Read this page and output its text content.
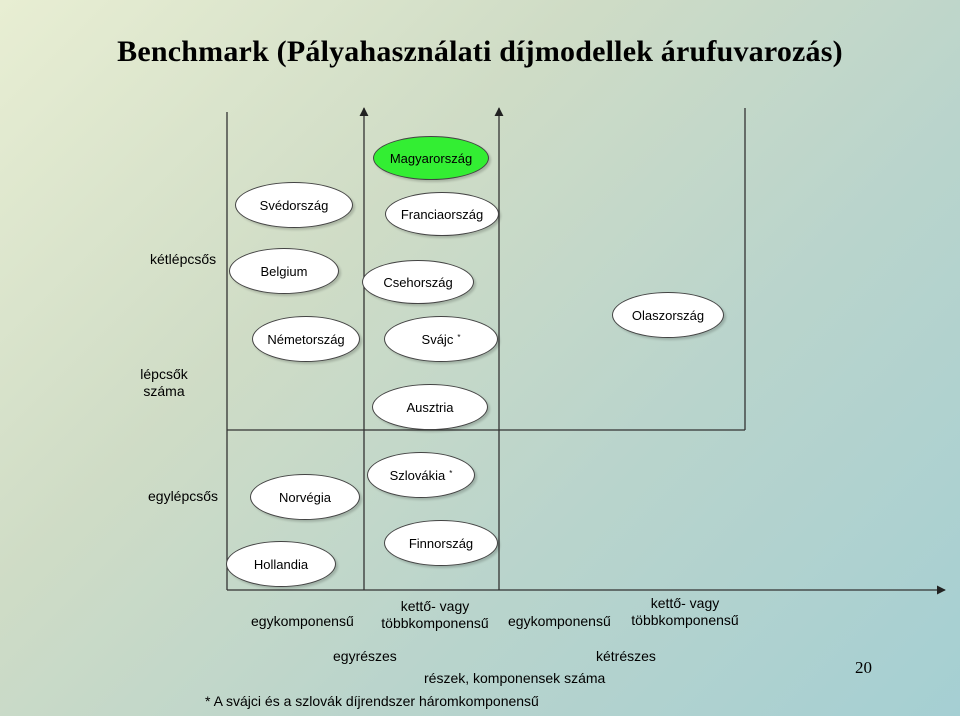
Benchmark (Pályahasználati díjmodellek árufuvarozás)
Magyarország
Svédország
Franciaország
Belgium
Csehország
Olaszország
Németország	Svájc *
Ausztria
Norvégia
Szlovákia *
Finnország
Hollandia
kétlépcsős
lépcsők száma
egylépcsős
egykomponensű
kettő- vagy többkomponensű	egykomponensű
kettő- vagy többkomponensű
egyrészes	kétrészes
részek, komponensek száma
20
* A svájci és a szlovák díjrendszer háromkomponensű
